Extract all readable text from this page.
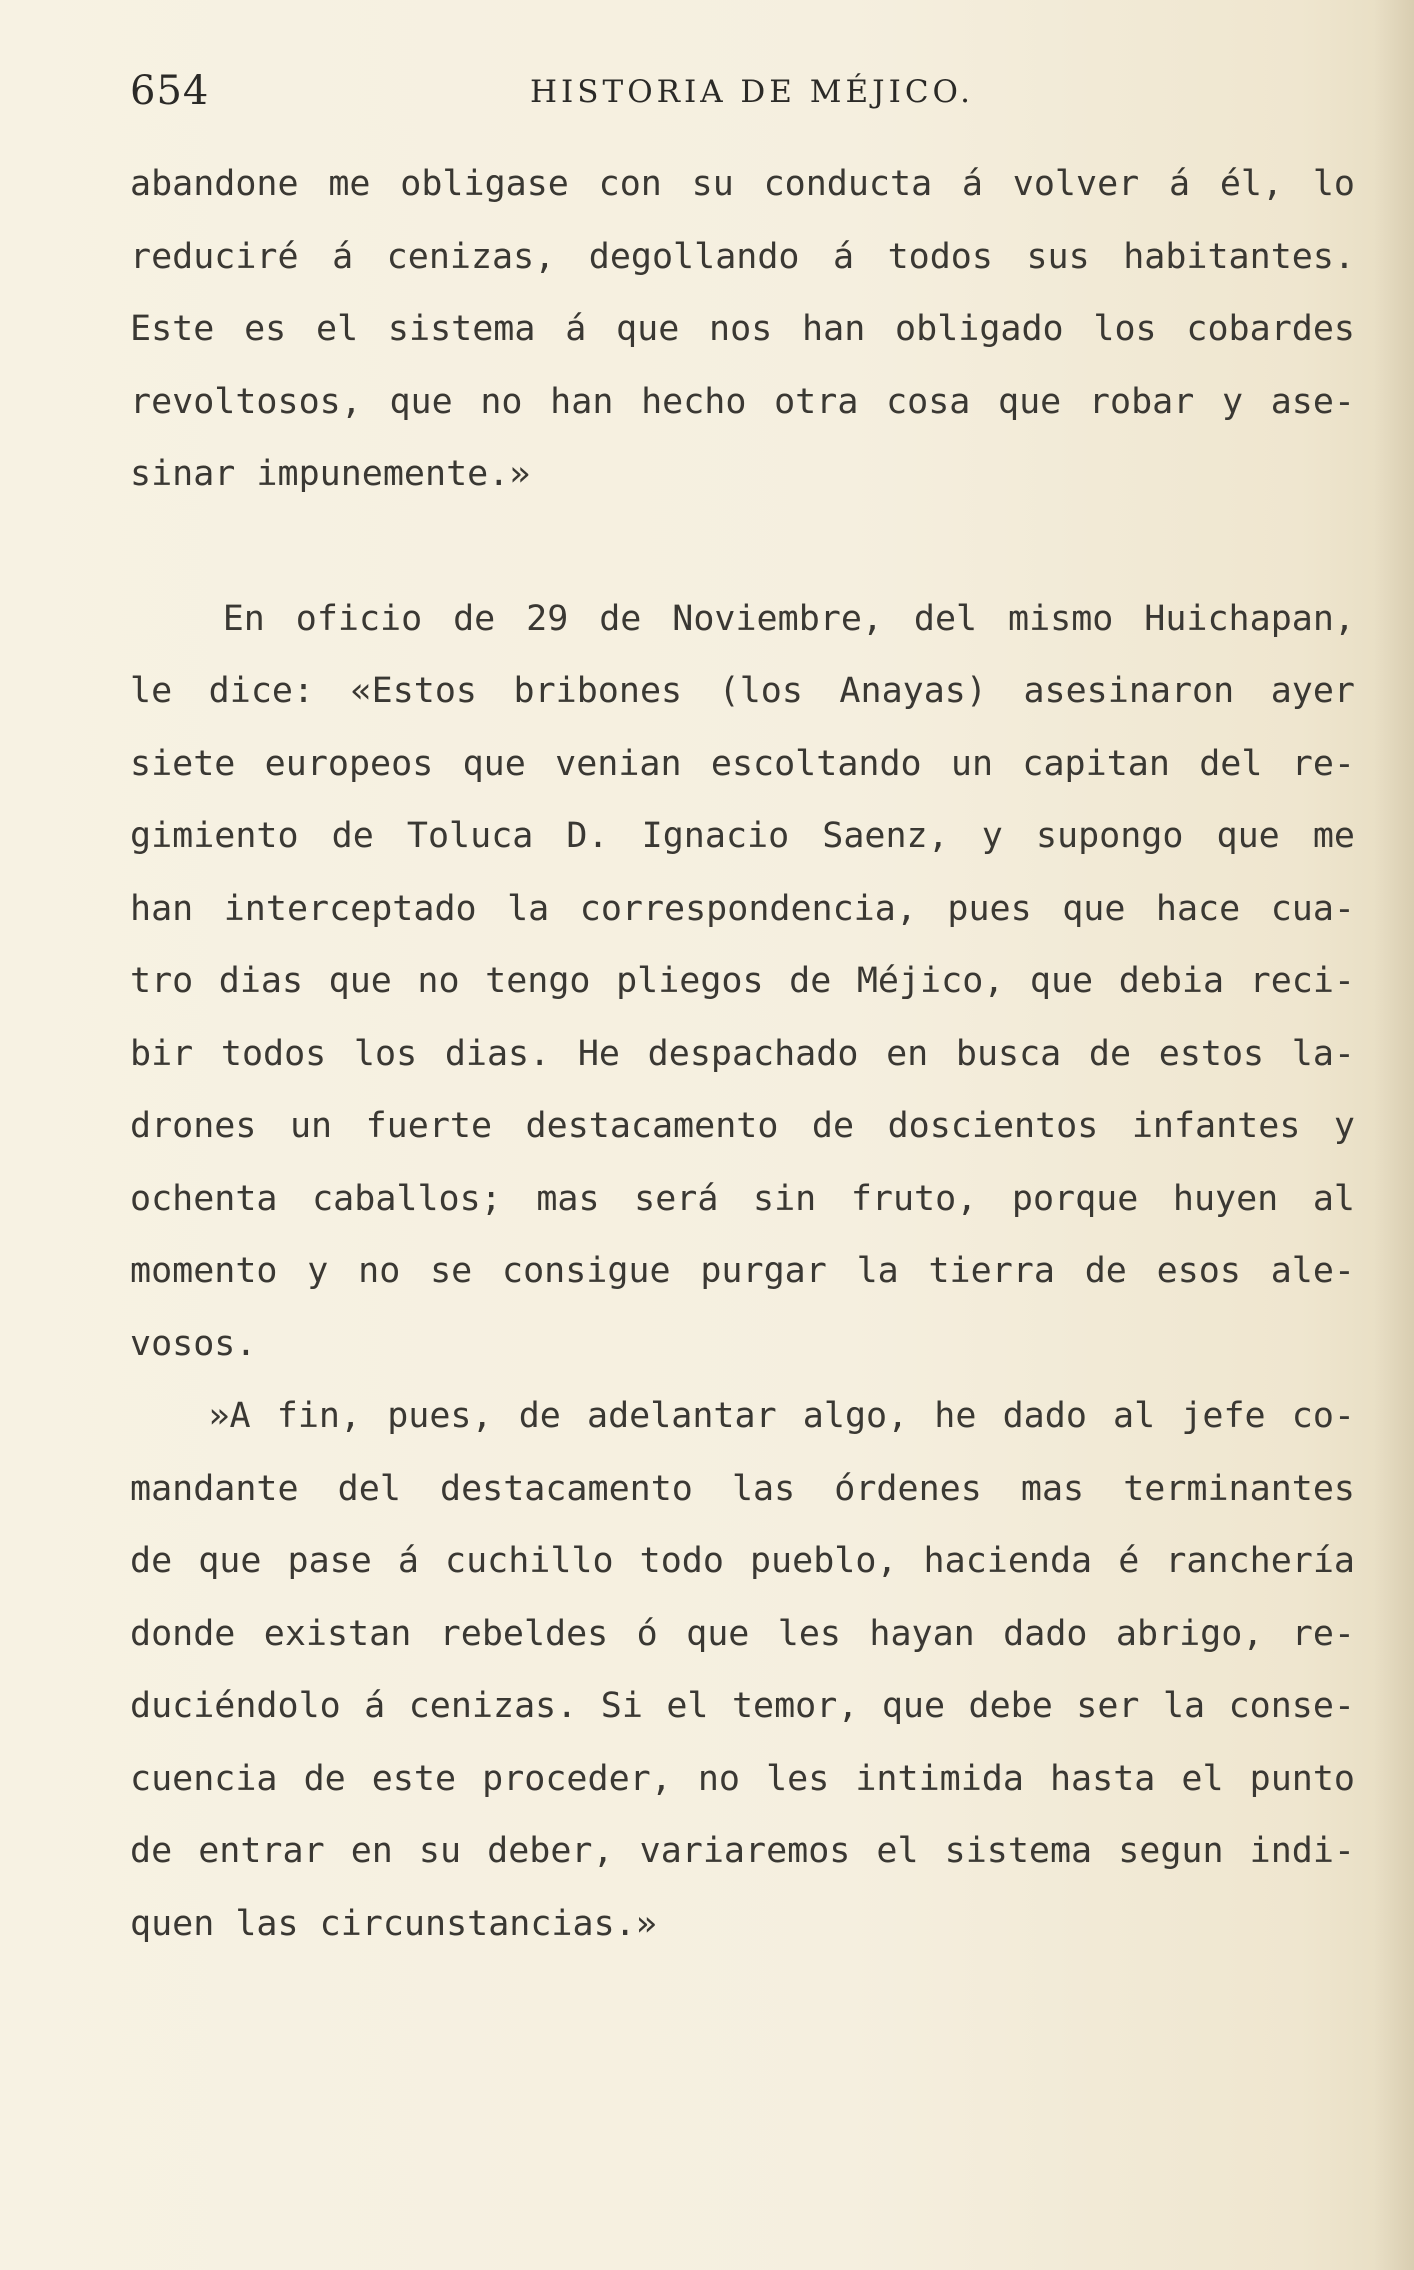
654	HISTORIA DE MÉJICO.
abandone me obligase con su conducta á volver á él, lo
reduciré á cenizas, degollando á todos sus habitantes.
Este es el sistema á que nos han obligado los cobardes
revoltosos, que no han hecho otra cosa que robar y ase-
sinar impunemente.»
En oficio de 29 de Noviembre, del mismo Huichapan,
le dice: «Estos bribones (los Anayas) asesinaron ayer
siete europeos que venian escoltando un capitan del re-
gimiento de Toluca D. Ignacio Saenz, y supongo que me
han interceptado la correspondencia, pues que hace cua-
tro dias que no tengo pliegos de Méjico, que debia reci-
bir todos los dias. He despachado en busca de estos la-
drones un fuerte destacamento de doscientos infantes y
ochenta caballos; mas será sin fruto, porque huyen al
momento y no se consigue purgar la tierra de esos ale-
vosos.
»A fin, pues, de adelantar algo, he dado al jefe co-
mandante del destacamento las órdenes mas terminantes
de que pase á cuchillo todo pueblo, hacienda é ranchería
donde existan rebeldes ó que les hayan dado abrigo, re-
duciéndolo á cenizas. Si el temor, que debe ser la conse-
cuencia de este proceder, no les intimida hasta el punto
de entrar en su deber, variaremos el sistema segun indi-
quen las circunstancias.»
